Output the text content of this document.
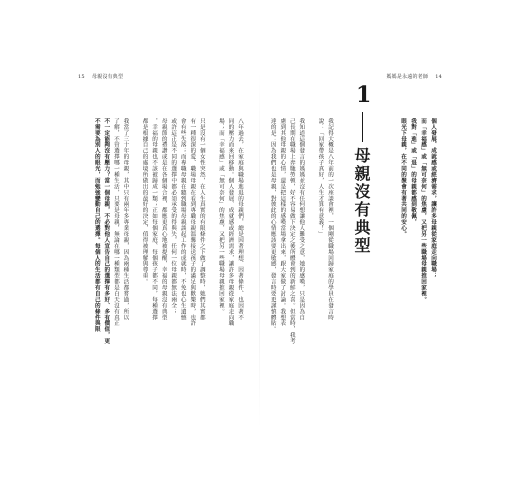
15 母親沒有典型	媽媽是永遠的老師 14
八年過去，在家庭與職場進退的母親們，總是因著理想、因著條件、也因著不
同的壓力而來回移動。個人發展、成就感或經濟需求，讓許多母親從家庭走向職
場；而「幸福感」或「無可奈何」的焦慮，又把另一些職場母親推回家裡。

只是沒有一個女性突然，在人生真實的有限條件之下做了調整時，她們其實都
有一種很深的愛、職場母親在看到專職母親溫馨接送孩子的滿足與歡樂時，也許
會有些失落；而專職母親在聽到職場母親談起工作的成就時，不免也心生遺憾
或許這正是不同的選擇中都必須承受的得與失，任何一位母親都無法兩全；
母親節的禮讚或是在各個場合裡，都應更真心地被提醒，幸福的母親沒有典型
，幸福的母親也不該被歸成一類；正如每個家庭、每個孩子都不同，每種選擇
都是根據自己的處境所做出的最好的決定，值得被理解與尊重。

我當了三十年的母親，其中只有兩年多專業母親，因為兩種生活都嘗過，所以
了解，不管選擇哪一種生活，只要是母親，無論在哪一種類型都是白天沒有真正
不一定能夠沒有壓力？當一個母親，不必對他人宣告自己的選擇有多好、多有價值，更
不需要為別人的眼光，而勉強變動自己的選擇。每個人的生活都有自己的條件與限	我記得大概是八年前的一次座談會裡，一個剛從職場回歸家庭的學員在發言時
說：「回家帶孩子真好，人生才算有意義！」

我知道這個發言的媽媽並沒有任何想讓他人難受之意，她的感嘆，只是因為自
己長期在職場上奔馳勞頓，好不容易做下決定之後所體會到的新鮮之喜。但當時，我考
慮到其他母親的心情，還是把這樣的感嘆當場拿出來，跟大家做了討論。我想表
達的是：因為我們也是母親，對彼此的心情應該要更敏感，發言時要更謹慎體貼。
1
母親沒有典型	個人發展、成就感或經濟需求，讓許多母親從家庭走向職場；
而「幸福感」或「無可奈何」的焦慮，又把另一些職場母親推回家裡。
我對「進」或「退」的母親都感到敬佩，
眼光下母親，在不同的聚會有著共同的安心。
